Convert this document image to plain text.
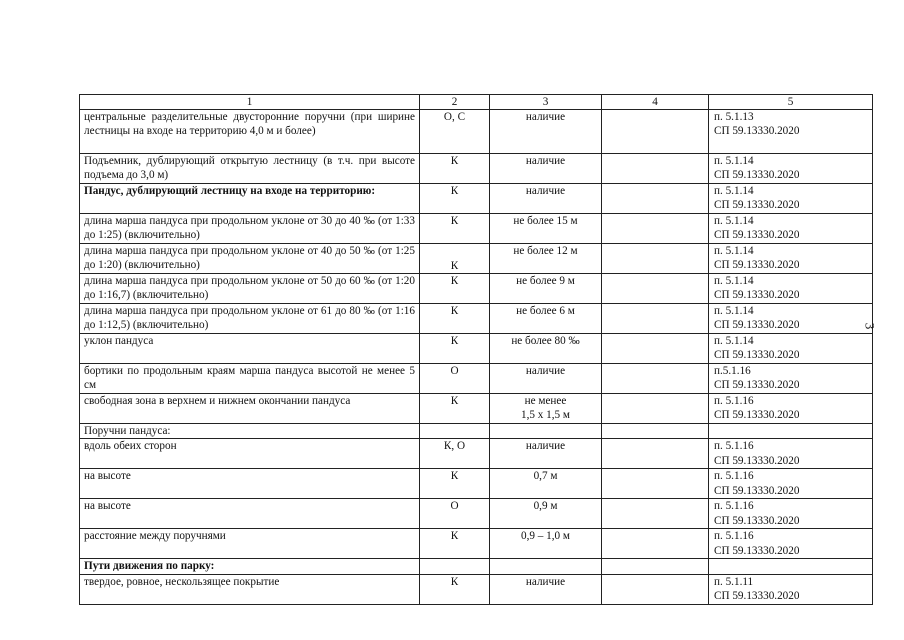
1	2	3	4	5
центральные разделительные двусторонние поручни (при ширине лестницы на входе на территорию 4,0 м и более)	О, С	наличие		п. 5.1.13
СП 59.13330.2020

Подъемник, дублирующий открытую лестницу (в т.ч. при высоте подъема до 3,0 м)	К	наличие		п. 5.1.14
СП 59.13330.2020

Пандус, дублирующий лестницу на входе на территорию:	К	наличие		п. 5.1.14
СП 59.13330.2020

длина марша пандуса при продольном уклоне от 30 до 40 ‰ (от 1:33 до 1:25) (включительно)	К	не более 15 м		п. 5.1.14
СП 59.13330.2020

длина марша пандуса при продольном уклоне от 40 до 50 ‰ (от 1:25 до 1:20) (включительно)	К	не более 12 м		п. 5.1.14
СП 59.13330.2020

длина марша пандуса при продольном уклоне от 50 до 60 ‰ (от 1:20 до 1:16,7) (включительно)	К	не более 9 м		п. 5.1.14
СП 59.13330.2020

длина марша пандуса при продольном уклоне от 61 до 80 ‰ (от 1:16 до 1:12,5) (включительно)	К	не более 6 м		п. 5.1.14
СП 59.13330.2020

уклон пандуса	К	не более 80 ‰		п. 5.1.14
СП 59.13330.2020

бортики по продольным краям марша пандуса высотой не менее 5 см	О	наличие		п.5.1.16
СП 59.13330.2020

свободная зона в верхнем и нижнем окончании пандуса	К	не менее
1,5 х 1,5 м		п. 5.1.16
СП 59.13330.2020

Поручни пандуса:				

вдоль обеих сторон	К, О	наличие		п. 5.1.16
СП 59.13330.2020

на высоте	К	0,7 м		п. 5.1.16
СП 59.13330.2020

на высоте	О	0,9 м		п. 5.1.16
СП 59.13330.2020

расстояние между поручнями	К	0,9 – 1,0 м		п. 5.1.16
СП 59.13330.2020

Пути движения по парку:				

твердое, ровное, нескользящее покрытие	К	наличие		п. 5.1.11
СП 59.13330.2020
3
